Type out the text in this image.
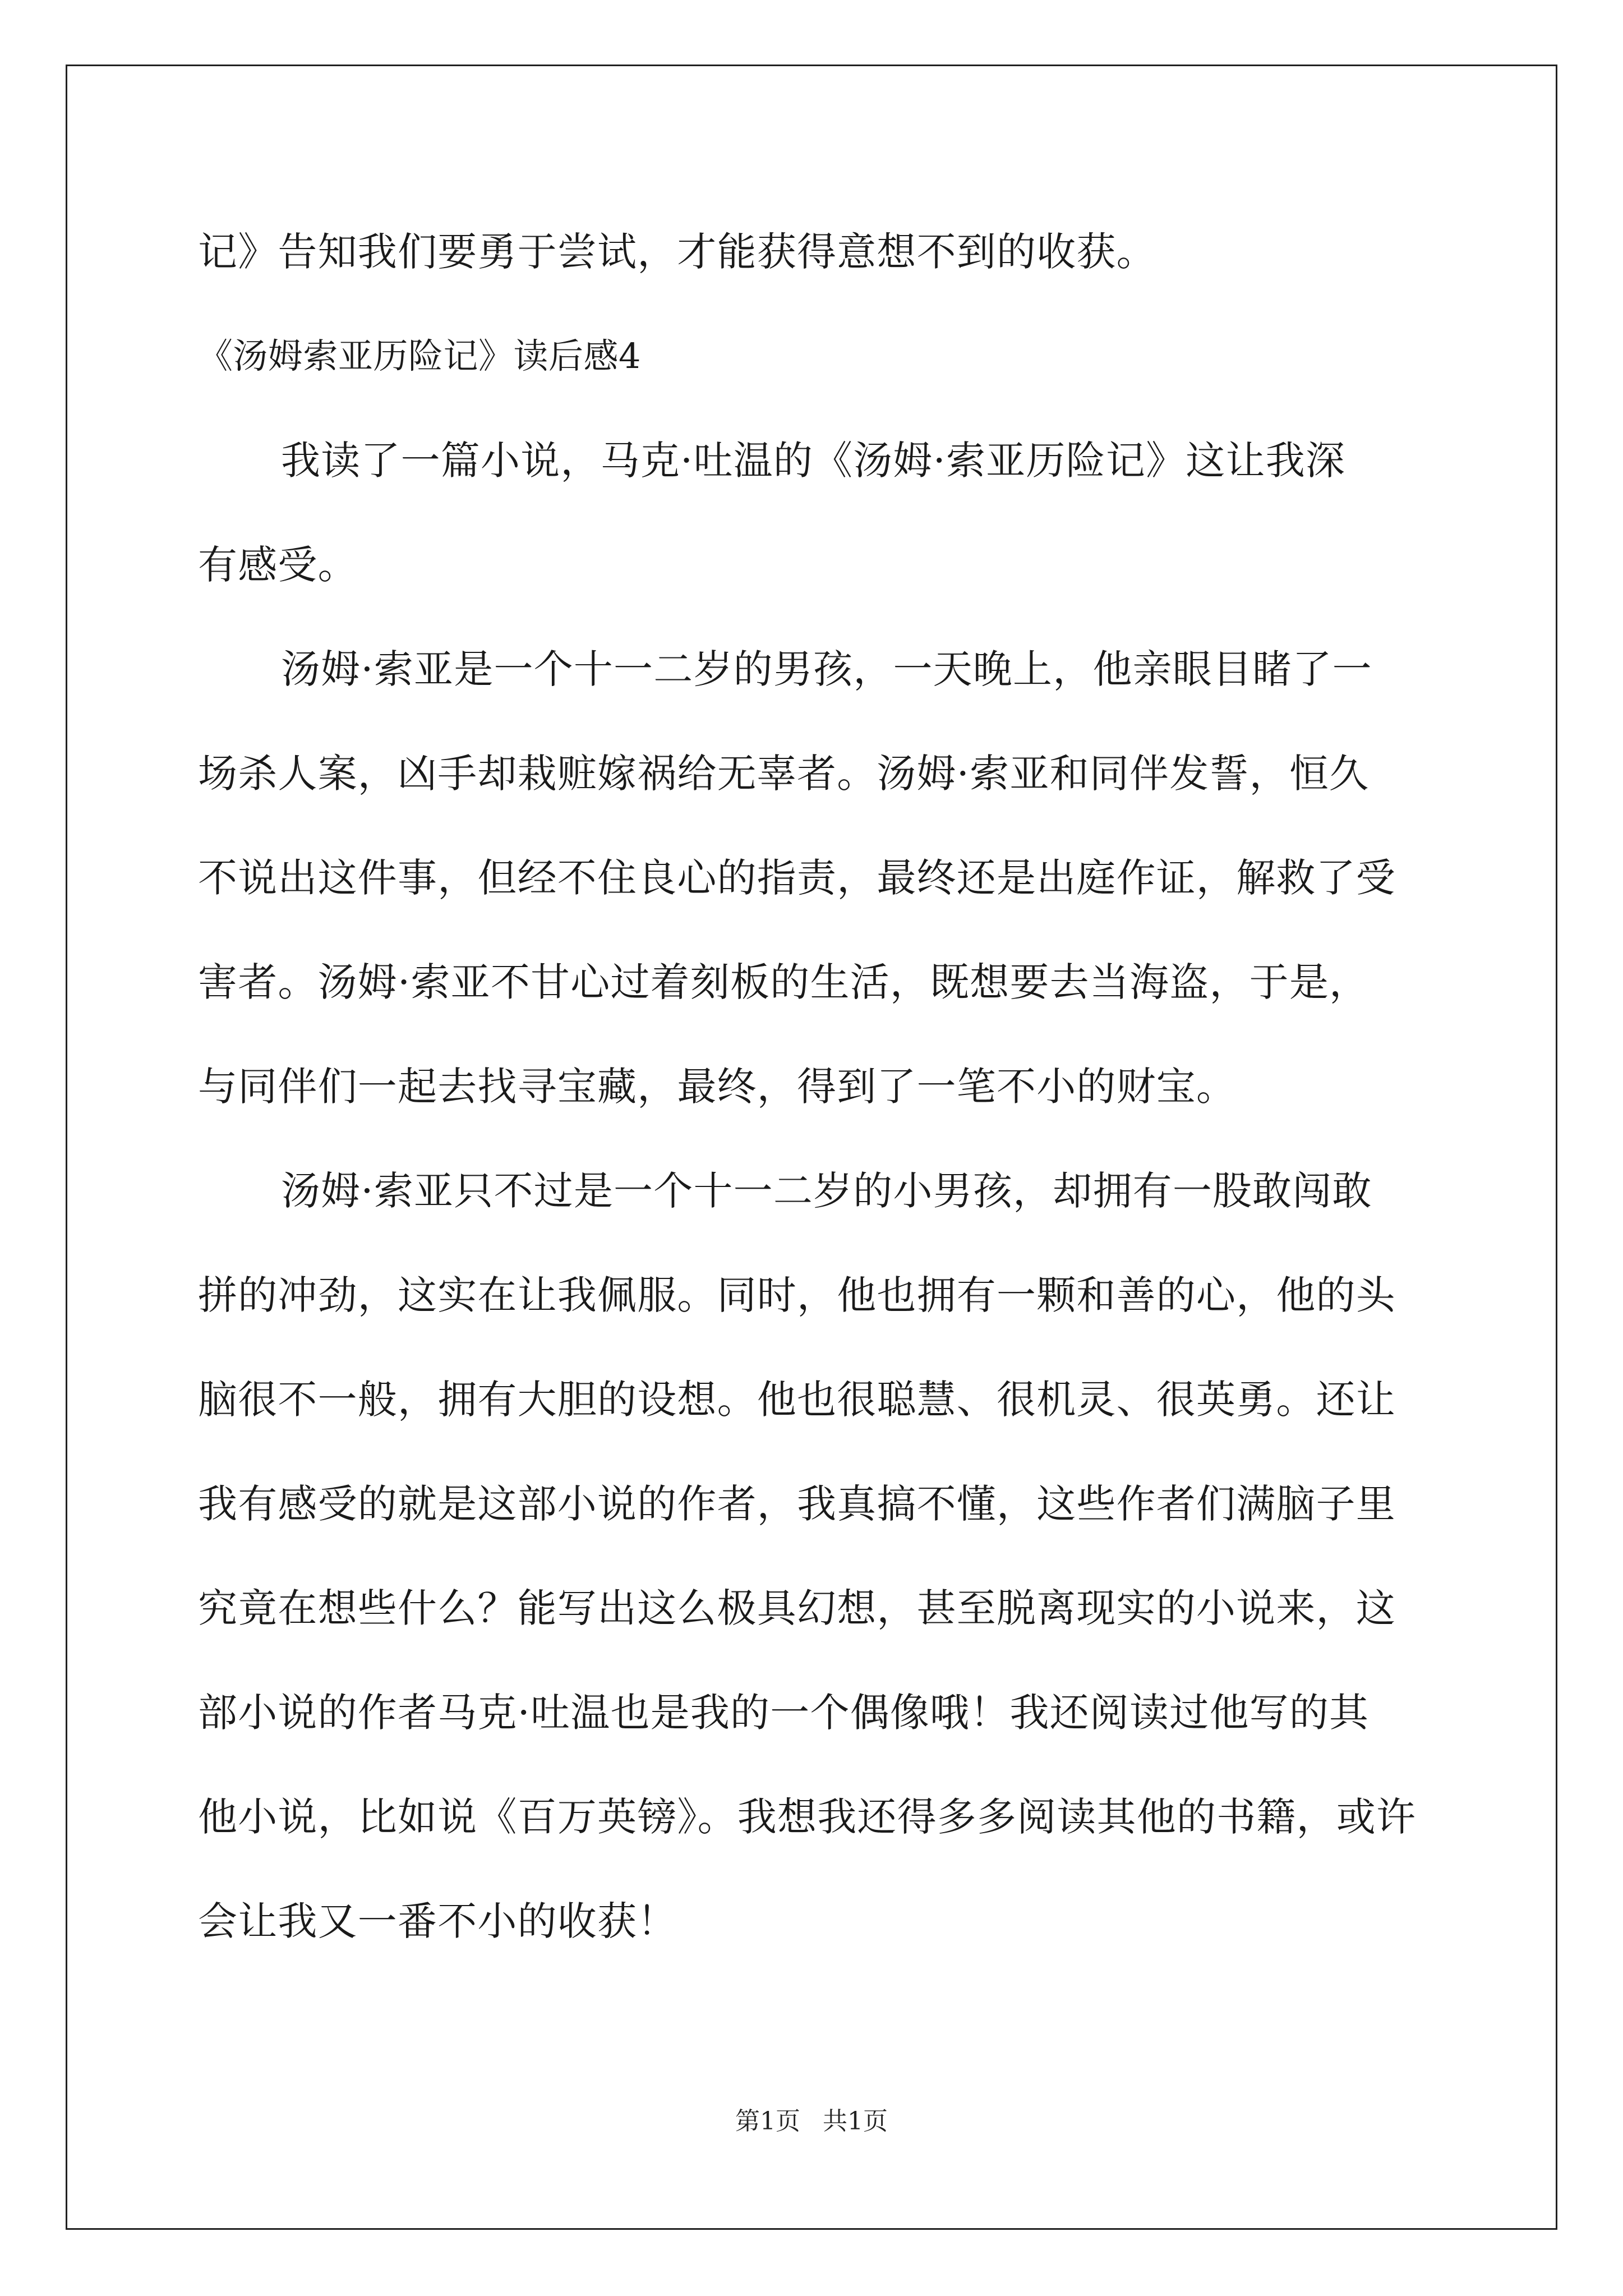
记》告知我们要勇于尝试，才能获得意想不到的收获。
《汤姆索亚历险记》读后感4
我读了一篇小说，马克·吐温的《汤姆·索亚历险记》这让我深
有感受。
汤姆·索亚是一个十一二岁的男孩，一天晚上，他亲眼目睹了一
场杀人案，凶手却栽赃嫁祸给无辜者。汤姆·索亚和同伴发誓，恒久
不说出这件事，但经不住良心的指责，最终还是出庭作证，解救了受
害者。汤姆·索亚不甘心过着刻板的生活，既想要去当海盗，于是，
与同伴们一起去找寻宝藏，最终，得到了一笔不小的财宝。
汤姆·索亚只不过是一个十一二岁的小男孩，却拥有一股敢闯敢
拼的冲劲，这实在让我佩服。同时，他也拥有一颗和善的心，他的头
脑很不一般，拥有大胆的设想。他也很聪慧、很机灵、很英勇。还让
我有感受的就是这部小说的作者，我真搞不懂，这些作者们满脑子里
究竟在想些什么？能写出这么极具幻想，甚至脱离现实的小说来，这
部小说的作者马克·吐温也是我的一个偶像哦！我还阅读过他写的其
他小说，比如说《百万英镑》。我想我还得多多阅读其他的书籍，或许
会让我又一番不小的收获！
第1页 共1页
